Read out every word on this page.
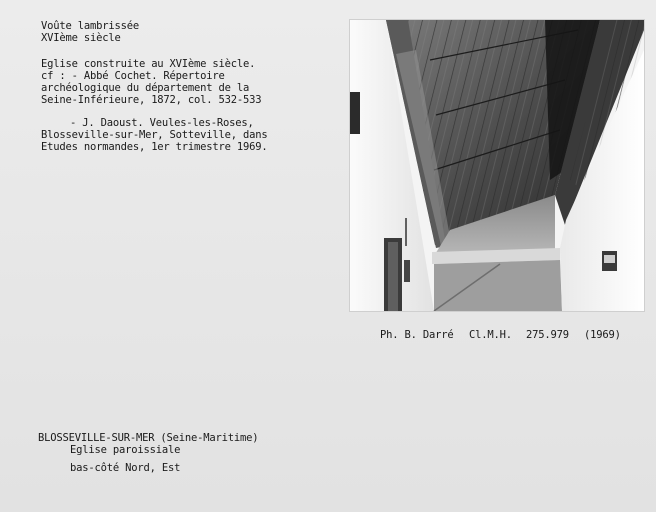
Voûte lambrissée
XVIème siècle
Eglise construite au XVIème siècle.
cf : - Abbé Cochet. Répertoire
archéologique du département de la
Seine-Inférieure, 1872, col. 532-533
- J. Daoust. Veules-les-Roses,
Blosseville-sur-Mer, Sotteville, dans
Etudes normandes, 1er trimestre 1969.
Ph. B. Darré Cl.M.H. 275.979 (1969)
BLOSSEVILLE-SUR-MER (Seine-Maritime)
Eglise paroissiale
bas-côté Nord, Est
